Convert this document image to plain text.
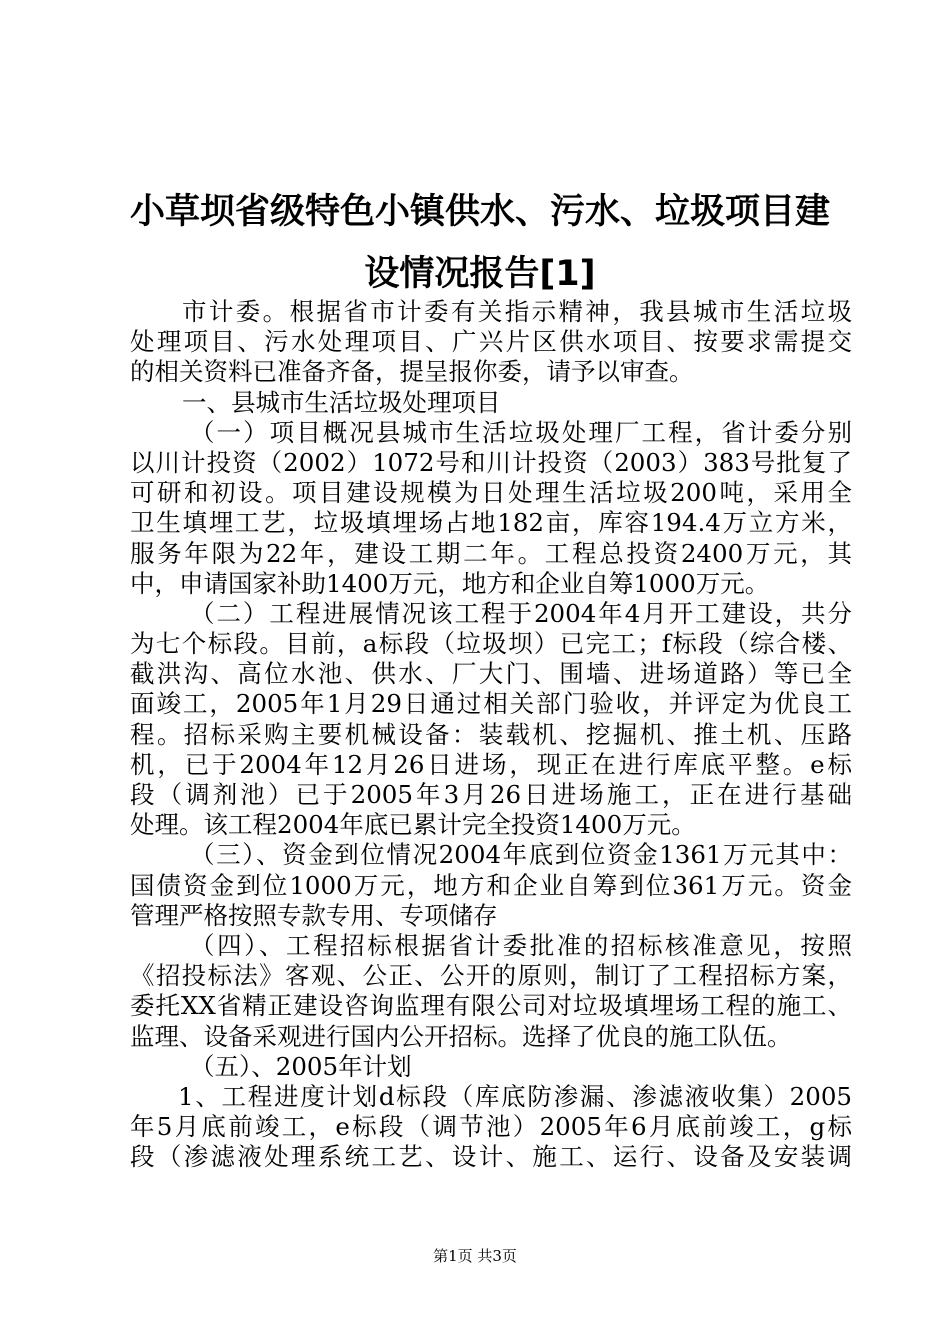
小草坝省级特色小镇供水、污水、垃圾项目建
设情况报告[1]
市计委。根据省市计委有关指示精神，我县城市生活垃圾
处理项目、污水处理项目、广兴片区供水项目、按要求需提交
的相关资料已准备齐备，提呈报你委，请予以审查。
一、县城市生活垃圾处理项目
（一）项目概况县城市生活垃圾处理厂工程，省计委分别
以川计投资（2002）1072号和川计投资（2003）383号批复了
可研和初设。项目建设规模为日处理生活垃圾200吨，采用全
卫生填埋工艺，垃圾填埋场占地182亩，库容194.4万立方米，
服务年限为22年，建设工期二年。工程总投资2400万元，其
中，申请国家补助1400万元，地方和企业自筹1000万元。
（二）工程进展情况该工程于2004年4月开工建设，共分
为七个标段。目前，a标段（垃圾坝）已完工；f标段（综合楼、
截洪沟、高位水池、供水、厂大门、围墙、进场道路）等已全
面竣工，2005年1月29日通过相关部门验收，并评定为优良工
程。招标采购主要机械设备：装载机、挖掘机、推土机、压路
机，已于2004年12月26日进场，现正在进行库底平整。e标
段（调剂池）已于2005年3月26日进场施工，正在进行基础
处理。该工程2004年底已累计完全投资1400万元。
（三）、资金到位情况2004年底到位资金1361万元其中：
国债资金到位1000万元，地方和企业自筹到位361万元。资金
管理严格按照专款专用、专项储存
（四）、工程招标根据省计委批准的招标核准意见，按照
《招投标法》客观、公正、公开的原则，制订了工程招标方案，
委托XX省精正建设咨询监理有限公司对垃圾填埋场工程的施工、
监理、设备采观进行国内公开招标。选择了优良的施工队伍。
（五）、2005年计划
1、工程进度计划d标段（库底防渗漏、渗滤液收集）2005
年5月底前竣工，e标段（调节池）2005年6月底前竣工，g标
段（渗滤液处理系统工艺、设计、施工、运行、设备及安装调
第1页 共3页
